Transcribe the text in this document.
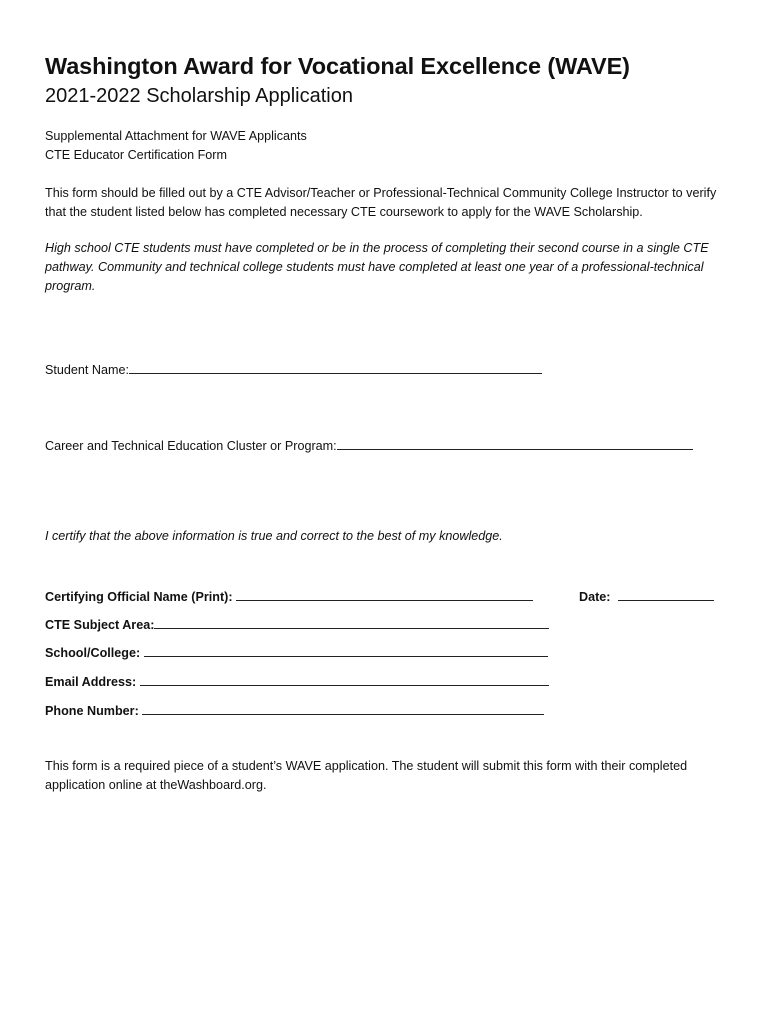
Washington Award for Vocational Excellence (WAVE)
2021-2022 Scholarship Application
Supplemental Attachment for WAVE Applicants
CTE Educator Certification Form
This form should be filled out by a CTE Advisor/Teacher or Professional-Technical Community College Instructor to verify that the student listed below has completed necessary CTE coursework to apply for the WAVE Scholarship.
High school CTE students must have completed or be in the process of completing their second course in a single CTE pathway. Community and technical college students must have completed at least one year of a professional-technical program.
Student Name:
Career and Technical Education Cluster or Program:
I certify that the above information is true and correct to the best of my knowledge.
Certifying Official Name (Print):	Date:
CTE Subject Area:
School/College:
Email Address:
Phone Number:
This form is a required piece of a student’s WAVE application. The student will submit this form with their completed application online at theWashboard.org.
